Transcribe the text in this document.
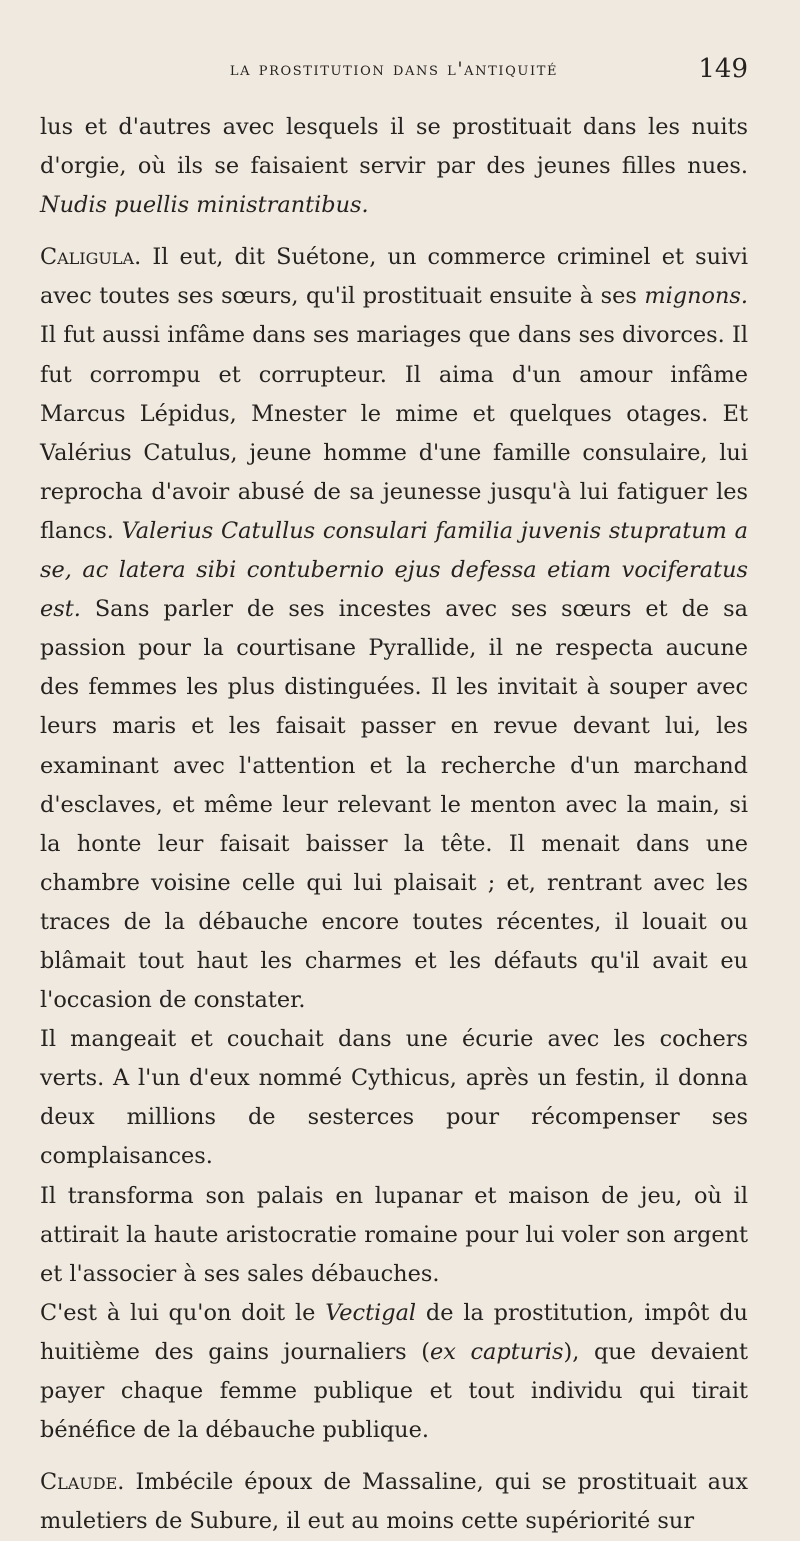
la prostitution dans l'antiquité	149

lus et d'autres avec lesquels il se prostituait dans les nuits d'orgie, où ils se faisaient servir par des jeunes filles nues. Nudis puellis ministrantibus.

Caligula. Il eut, dit Suétone, un commerce criminel et suivi avec toutes ses sœurs, qu'il prostituait ensuite à ses mignons. Il fut aussi infâme dans ses mariages que dans ses divorces. Il fut corrompu et corrupteur. Il aima d'un amour infâme Marcus Lépidus, Mnester le mime et quelques otages. Et Valérius Catulus, jeune homme d'une famille consulaire, lui reprocha d'avoir abusé de sa jeunesse jusqu'à lui fatiguer les flancs. Valerius Catullus consulari familia juvenis stupratum a se, ac latera sibi contubernio ejus defessa etiam vociferatus est. Sans parler de ses incestes avec ses sœurs et de sa passion pour la courtisane Pyrallide, il ne respecta aucune des femmes les plus distinguées. Il les invitait à souper avec leurs maris et les faisait passer en revue devant lui, les examinant avec l'attention et la recherche d'un marchand d'esclaves, et même leur relevant le menton avec la main, si la honte leur faisait baisser la tête. Il menait dans une chambre voisine celle qui lui plaisait ; et, rentrant avec les traces de la débauche encore toutes récentes, il louait ou blâmait tout haut les charmes et les défauts qu'il avait eu l'occasion de constater.

Il mangeait et couchait dans une écurie avec les cochers verts. A l'un d'eux nommé Cythicus, après un festin, il donna deux millions de sesterces pour récompenser ses complaisances.

Il transforma son palais en lupanar et maison de jeu, où il attirait la haute aristocratie romaine pour lui voler son argent et l'associer à ses sales débauches.

C'est à lui qu'on doit le Vectigal de la prostitution, impôt du huitième des gains journaliers (ex capturis), que devaient payer chaque femme publique et tout individu qui tirait bénéfice de la débauche publique.

Claude. Imbécile époux de Massaline, qui se prostituait aux muletiers de Subure, il eut au moins cette supériorité sur
